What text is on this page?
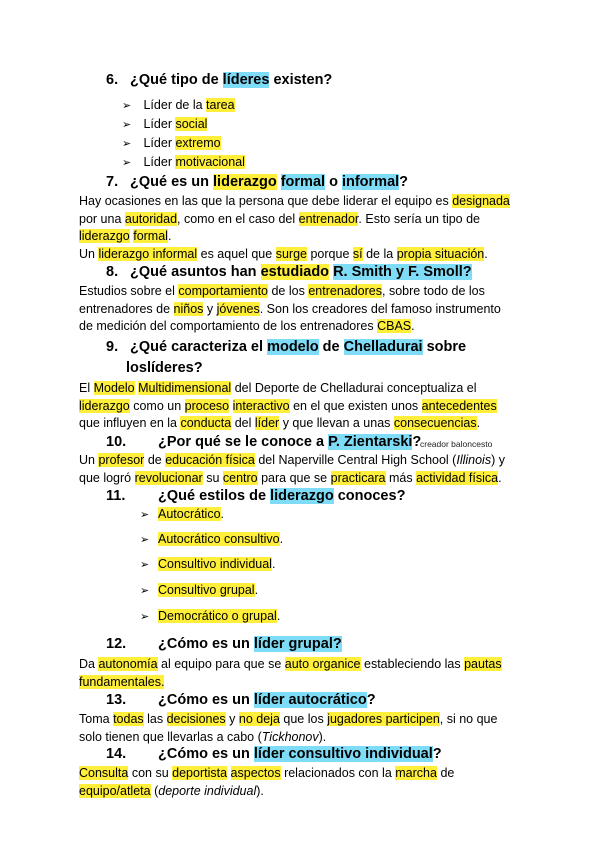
6. ¿Qué tipo de líderes existen?
➢ Líder de la tarea
➢ Líder social
➢ Líder extremo
➢ Líder motivacional
7. ¿Qué es un liderazgo formal o informal?
Hay ocasiones en las que la persona que debe liderar el equipo es designada
por una autoridad, como en el caso del entrenador. Esto sería un tipo de
liderazgo formal.
Un liderazgo informal es aquel que surge porque sí de la propia situación.
8. ¿Qué asuntos han estudiado R. Smith y F. Smoll?
Estudios sobre el comportamiento de los entrenadores, sobre todo de los
entrenadores de niños y jóvenes. Son los creadores del famoso instrumento
de medición del comportamiento de los entrenadores CBAS.
9. ¿Qué caracteriza el modelo de Chelladurai sobre
loslíderes?
El Modelo Multidimensional del Deporte de Chelladurai conceptualiza el
liderazgo como un proceso interactivo en el que existen unos antecedentes
que influyen en la conducta del líder y que llevan a unas consecuencias.
10. ¿Por qué se le conoce a P. Zientarski?
creador baloncesto
Un profesor de educación física del Naperville Central High School (Illinois) y
que logró revolucionar su centro para que se practicara más actividad física.
11. ¿Qué estilos de liderazgo conoces?
➢ Autocrático.
➢ Autocrático consultivo.
➢ Consultivo individual.
➢ Consultivo grupal.
➢ Democrático o grupal.
12. ¿Cómo es un líder grupal?
Da autonomía al equipo para que se auto organice estableciendo las pautas
fundamentales.
13. ¿Cómo es un líder autocrático?
Toma todas las decisiones y no deja que los jugadores participen, si no que
solo tienen que llevarlas a cabo (Tickhonov).
14. ¿Cómo es un líder consultivo individual?
Consulta con su deportista aspectos relacionados con la marcha de
equipo/atleta (deporte individual).
